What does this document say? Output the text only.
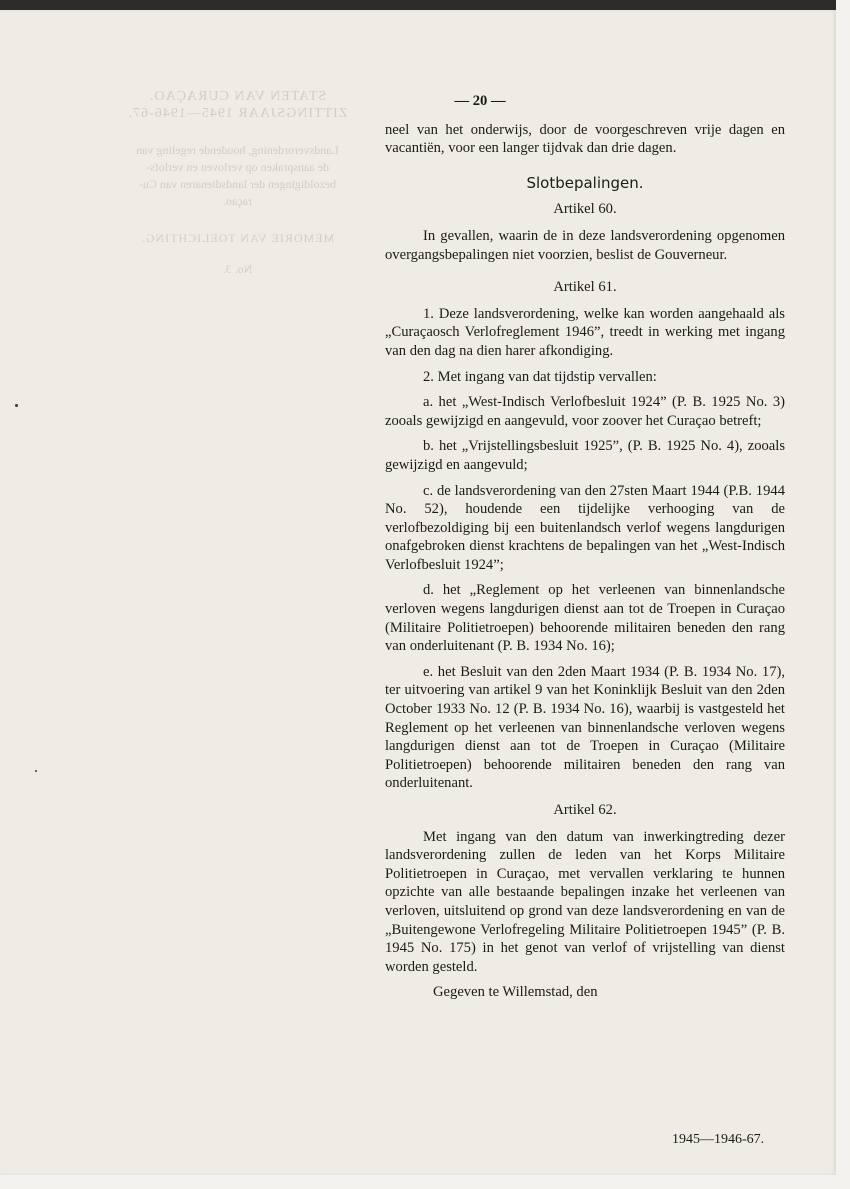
STATEN VAN CURAÇAO.
ZITTINGSJAAR 1945—1946-67.
Landsverordening, houdende regeling van
de aanspraken op verloven en verlofs-
bezoldigingen der landsdienaren van Cu-
raçao.
MEMORIE VAN TOELICHTING.
No. 3.
— 20 —

neel van het onderwijs, door de voorgeschreven vrije dagen en vacantiën, voor een langer tijdvak dan drie dagen.

Slotbepalingen.
Artikel 60.

In gevallen, waarin de in deze landsverordening opgenomen overgangsbepalingen niet voorzien, beslist de Gouverneur.

Artikel 61.

1. Deze landsverordening, welke kan worden aangehaald als „Curaçaosch Verlofreglement 1946”, treedt in werking met ingang van den dag na dien harer afkondiging.

2. Met ingang van dat tijdstip vervallen:

a. het „West-Indisch Verlofbesluit 1924” (P. B. 1925 No. 3) zooals gewijzigd en aangevuld, voor zoover het Curaçao betreft;

b. het „Vrijstellingsbesluit 1925”, (P. B. 1925 No. 4), zooals gewijzigd en aangevuld;

c. de landsverordening van den 27sten Maart 1944 (P.B. 1944 No. 52), houdende een tijdelijke verhooging van de verlofbezoldiging bij een buitenlandsch verlof wegens langdurigen onafgebroken dienst krachtens de bepalingen van het „West-Indisch Verlofbesluit 1924”;

d. het „Reglement op het verleenen van binnenlandsche verloven wegens langdurigen dienst aan tot de Troepen in Curaçao (Militaire Politietroepen) behoorende militairen beneden den rang van onderluitenant (P. B. 1934 No. 16);

e. het Besluit van den 2den Maart 1934 (P. B. 1934 No. 17), ter uitvoering van artikel 9 van het Koninklijk Besluit van den 2den October 1933 No. 12 (P. B. 1934 No. 16), waarbij is vastgesteld het Reglement op het verleenen van binnenlandsche verloven wegens langdurigen dienst aan tot de Troepen in Curaçao (Militaire Politietroepen) behoorende militairen beneden den rang van onderluitenant.

Artikel 62.

Met ingang van den datum van inwerkingtreding dezer landsverordening zullen de leden van het Korps Militaire Politietroepen in Curaçao, met vervallen verklaring te hunnen opzichte van alle bestaande bepalingen inzake het verleenen van verloven, uitsluitend op grond van deze landsverordening en van de „Buitengewone Verlofregeling Militaire Politietroepen 1945” (P. B. 1945 No. 175) in het genot van verlof of vrijstelling van dienst worden gesteld.

Gegeven te Willemstad, den

1945—1946-67.
